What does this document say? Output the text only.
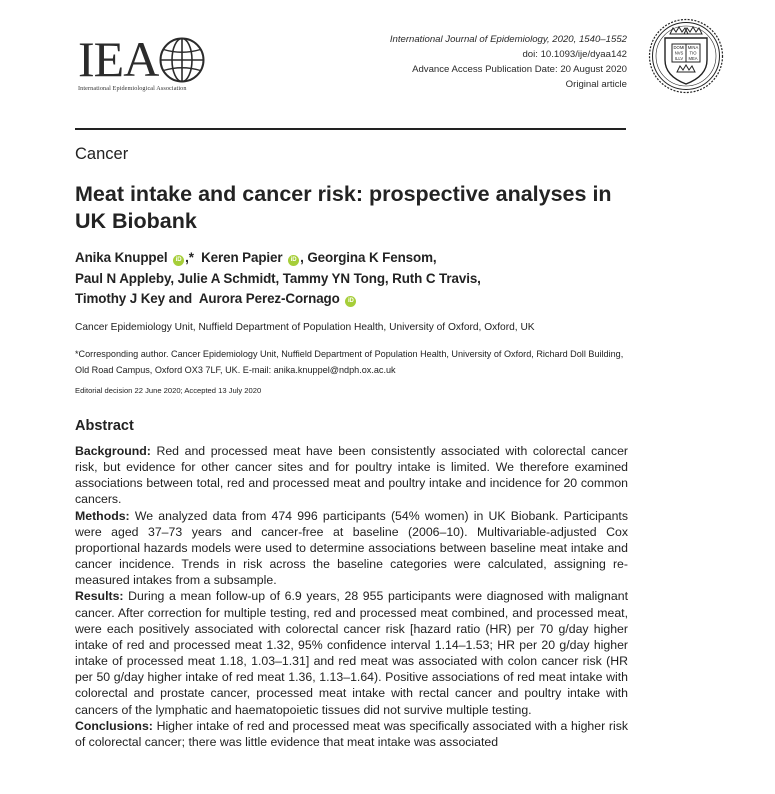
IEA
International Epidemiological Association
International Journal of Epidemiology, 2020, 1540–1552
doi: 10.1093/ije/dyaa142
Advance Access Publication Date: 20 August 2020
Original article
DOMI
NVS
ILLV
MINA
TIO
MEA
Cancer
Meat intake and cancer risk: prospective analyses in UK Biobank
Anika Knuppel iD ,* Keren Papier iD , Georgina K Fensom,
Paul N Appleby, Julie A Schmidt, Tammy YN Tong, Ruth C Travis,
Timothy J Key and Aurora Perez-Cornago iD
Cancer Epidemiology Unit, Nuffield Department of Population Health, University of Oxford, Oxford, UK
*Corresponding author. Cancer Epidemiology Unit, Nuffield Department of Population Health, University of Oxford, Richard Doll Building, Old Road Campus, Oxford OX3 7LF, UK. E-mail: anika.knuppel@ndph.ox.ac.uk
Editorial decision 22 June 2020; Accepted 13 July 2020
Abstract

Background: Red and processed meat have been consistently associated with colorectal cancer risk, but evidence for other cancer sites and for poultry intake is limited. We therefore examined associations between total, red and processed meat and poultry intake and incidence for 20 common cancers.

Methods: We analyzed data from 474 996 participants (54% women) in UK Biobank. Participants were aged 37–73 years and cancer-free at baseline (2006–10). Multivariable-adjusted Cox proportional hazards models were used to determine associations between baseline meat intake and cancer incidence. Trends in risk across the baseline categories were calculated, assigning re-measured intakes from a subsample.

Results: During a mean follow-up of 6.9 years, 28 955 participants were diagnosed with malignant cancer. After correction for multiple testing, red and processed meat combined, and processed meat, were each positively associated with colorectal cancer risk [hazard ratio (HR) per 70 g/day higher intake of red and processed meat 1.32, 95% confidence interval 1.14–1.53; HR per 20 g/day higher intake of processed meat 1.18, 1.03–1.31] and red meat was associated with colon cancer risk (HR per 50 g/day higher intake of red meat 1.36, 1.13–1.64). Positive associations of red meat intake with colorectal and prostate cancer, processed meat intake with rectal cancer and poultry intake with cancers of the lymphatic and haematopoietic tissues did not survive multiple testing.

Conclusions: Higher intake of red and processed meat was specifically associated with a higher risk of colorectal cancer; there was little evidence that meat intake was associated
